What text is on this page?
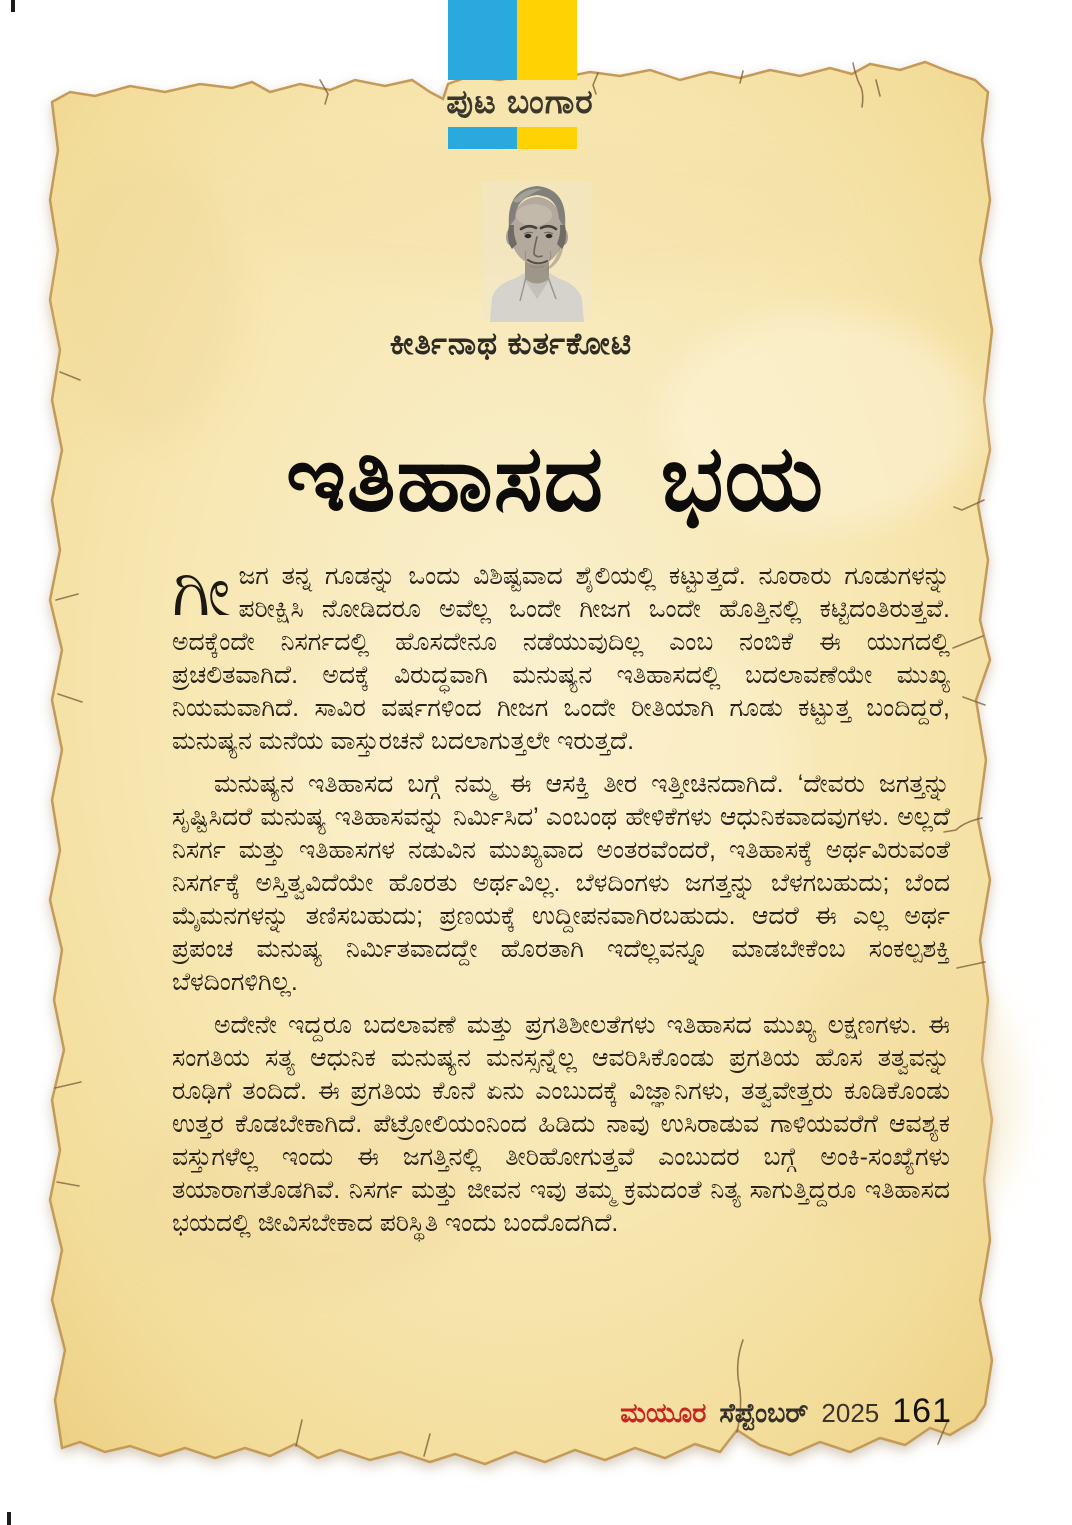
ಪುಟ ಬಂಗಾರ
ಕೀರ್ತಿನಾಥ ಕುರ್ತಕೋಟಿ
ಇತಿಹಾಸದ ಭಯ

ಗೀಜಗ ತನ್ನ ಗೂಡನ್ನು ಒಂದು ವಿಶಿಷ್ಟವಾದ ಶೈಲಿಯಲ್ಲಿ ಕಟ್ಟುತ್ತದೆ. ನೂರಾರು ಗೂಡುಗಳನ್ನು ಪರೀಕ್ಷಿಸಿ ನೋಡಿದರೂ ಅವೆಲ್ಲ ಒಂದೇ ಗೀಜಗ ಒಂದೇ ಹೊತ್ತಿನಲ್ಲಿ ಕಟ್ಟಿದಂತಿರುತ್ತವೆ. ಅದಕ್ಕೆಂದೇ ನಿಸರ್ಗದಲ್ಲಿ ಹೊಸದೇನೂ ನಡೆಯುವುದಿಲ್ಲ ಎಂಬ ನಂಬಿಕೆ ಈ ಯುಗದಲ್ಲಿ ಪ್ರಚಲಿತವಾಗಿದೆ. ಅದಕ್ಕೆ ವಿರುದ್ಧವಾಗಿ ಮನುಷ್ಯನ ಇತಿಹಾಸದಲ್ಲಿ ಬದಲಾವಣೆಯೇ ಮುಖ್ಯ ನಿಯಮವಾಗಿದೆ. ಸಾವಿರ ವರ್ಷಗಳಿಂದ ಗೀಜಗ ಒಂದೇ ರೀತಿಯಾಗಿ ಗೂಡು ಕಟ್ಟುತ್ತ ಬಂದಿದ್ದರೆ, ಮನುಷ್ಯನ ಮನೆಯ ವಾಸ್ತುರಚನೆ ಬದಲಾಗುತ್ತಲೇ ಇರುತ್ತದೆ.

ಮನುಷ್ಯನ ಇತಿಹಾಸದ ಬಗ್ಗೆ ನಮ್ಮ ಈ ಆಸಕ್ತಿ ತೀರ ಇತ್ತೀಚಿನದಾಗಿದೆ. ‘ದೇವರು ಜಗತ್ತನ್ನು ಸೃಷ್ಟಿಸಿದರೆ ಮನುಷ್ಯ ಇತಿಹಾಸವನ್ನು ನಿರ್ಮಿಸಿದ’ ಎಂಬಂಥ ಹೇಳಿಕೆಗಳು ಆಧುನಿಕವಾದವುಗಳು. ಅಲ್ಲದೆ ನಿಸರ್ಗ ಮತ್ತು ಇತಿಹಾಸಗಳ ನಡುವಿನ ಮುಖ್ಯವಾದ ಅಂತರವೆಂದರೆ, ಇತಿಹಾಸಕ್ಕೆ ಅರ್ಥವಿರುವಂತೆ ನಿಸರ್ಗಕ್ಕೆ ಅಸ್ತಿತ್ವವಿದೆಯೇ ಹೊರತು ಅರ್ಥವಿಲ್ಲ. ಬೆಳದಿಂಗಳು ಜಗತ್ತನ್ನು ಬೆಳಗಬಹುದು; ಬೆಂದ ಮೈಮನಗಳನ್ನು ತಣಿಸಬಹುದು; ಪ್ರಣಯಕ್ಕೆ ಉದ್ದೀಪನವಾಗಿರಬಹುದು. ಆದರೆ ಈ ಎಲ್ಲ ಅರ್ಥ ಪ್ರಪಂಚ ಮನುಷ್ಯ ನಿರ್ಮಿತವಾದದ್ದೇ ಹೊರತಾಗಿ ಇದೆಲ್ಲವನ್ನೂ ಮಾಡಬೇಕೆಂಬ ಸಂಕಲ್ಪಶಕ್ತಿ ಬೆಳದಿಂಗಳಿಗಿಲ್ಲ.

ಅದೇನೇ ಇದ್ದರೂ ಬದಲಾವಣೆ ಮತ್ತು ಪ್ರಗತಿಶೀಲತೆಗಳು ಇತಿಹಾಸದ ಮುಖ್ಯ ಲಕ್ಷಣಗಳು. ಈ ಸಂಗತಿಯ ಸತ್ಯ ಆಧುನಿಕ ಮನುಷ್ಯನ ಮನಸ್ಸನ್ನೆಲ್ಲ ಆವರಿಸಿಕೊಂಡು ಪ್ರಗತಿಯ ಹೊಸ ತತ್ವವನ್ನು ರೂಢಿಗೆ ತಂದಿದೆ. ಈ ಪ್ರಗತಿಯ ಕೊನೆ ಏನು ಎಂಬುದಕ್ಕೆ ವಿಜ್ಞಾನಿಗಳು, ತತ್ವವೇತ್ತರು ಕೂಡಿಕೊಂಡು ಉತ್ತರ ಕೊಡಬೇಕಾಗಿದೆ. ಪೆಟ್ರೋಲಿಯಂನಿಂದ ಹಿಡಿದು ನಾವು ಉಸಿರಾಡುವ ಗಾಳಿಯವರೆಗೆ ಆವಶ್ಯಕ ವಸ್ತುಗಳೆಲ್ಲ ಇಂದು ಈ ಜಗತ್ತಿನಲ್ಲಿ ತೀರಿಹೋಗುತ್ತವೆ ಎಂಬುದರ ಬಗ್ಗೆ ಅಂಕಿ-ಸಂಖ್ಯೆಗಳು ತಯಾರಾಗತೊಡಗಿವೆ. ನಿಸರ್ಗ ಮತ್ತು ಜೀವನ ಇವು ತಮ್ಮ ಕ್ರಮದಂತೆ ನಿತ್ಯ ಸಾಗುತ್ತಿದ್ದರೂ ಇತಿಹಾಸದ ಭಯದಲ್ಲಿ ಜೀವಿಸಬೇಕಾದ ಪರಿಸ್ಥಿತಿ ಇಂದು ಬಂದೊದಗಿದೆ.

ಮಯೂರ ಸೆಪ್ಟೆಂಬರ್ 2025 161
